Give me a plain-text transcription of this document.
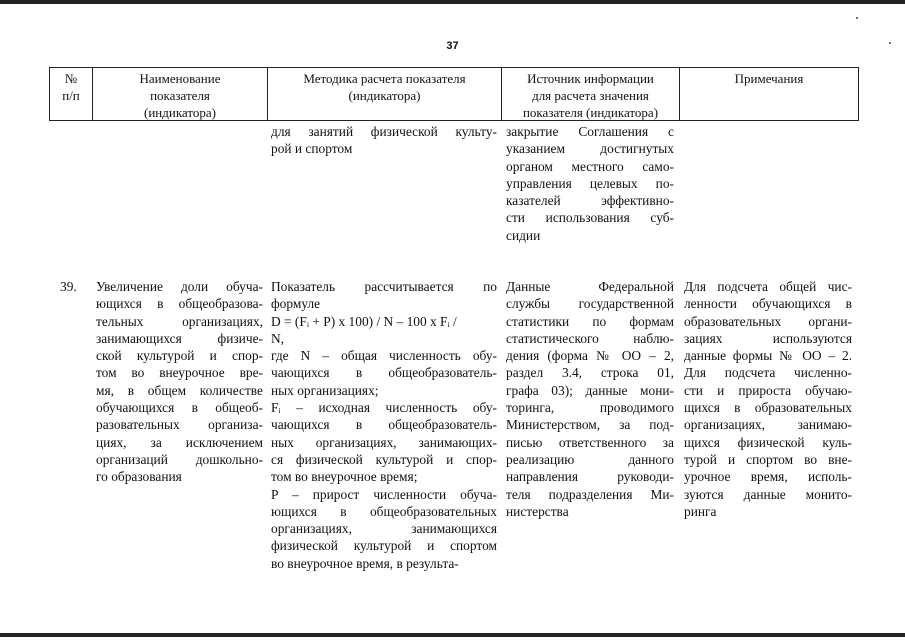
37
№
п/п
Наименование
показателя
(индикатора)
Методика расчета показателя
(индикатора)
Источник информации
для расчета значения
показателя (индикатора)
Примечания
для занятий физической культу-
рой и спортом
закрытие Соглашения с
указанием достигнутых
органом местного само-
управления целевых по-
казателей эффективно-
сти использования суб-
сидии
39.	Увеличение доли обуча-
ющихся в общеобразова-
тельных организациях,
занимающихся физиче-
ской культурой и спор-
том во внеурочное вре-
мя, в общем количестве
обучающихся в общеоб-
разовательных организа-
циях, за исключением
организаций дошкольно-
го образования
Показатель рассчитывается по
формуле
D = (Fᵢ + P) x 100) / N – 100 x Fᵢ /
N,
где N – общая численность обу-
чающихся в общеобразователь-
ных организациях;
Fᵢ – исходная численность обу-
чающихся в общеобразователь-
ных организациях, занимающих-
ся физической культурой и спор-
том во внеурочное время;
P – прирост численности обуча-
ющихся в общеобразовательных
организациях, занимающихся
физической культурой и спортом
во внеурочное время, в результа-
Данные Федеральной
службы государственной
статистики по формам
статистического наблю-
дения (форма № ОО – 2,
раздел 3.4, строка 01,
графа 03); данные мони-
торинга, проводимого
Министерством, за под-
писью ответственного за
реализацию данного
направления руководи-
теля подразделения Ми-
нистерства
Для подсчета общей чис-
ленности обучающихся в
образовательных органи-
зациях используются
данные формы № ОО – 2.
Для подсчета численно-
сти и прироста обучаю-
щихся в образовательных
организациях, занимаю-
щихся физической куль-
турой и спортом во вне-
урочное время, исполь-
зуются данные монито-
ринга
